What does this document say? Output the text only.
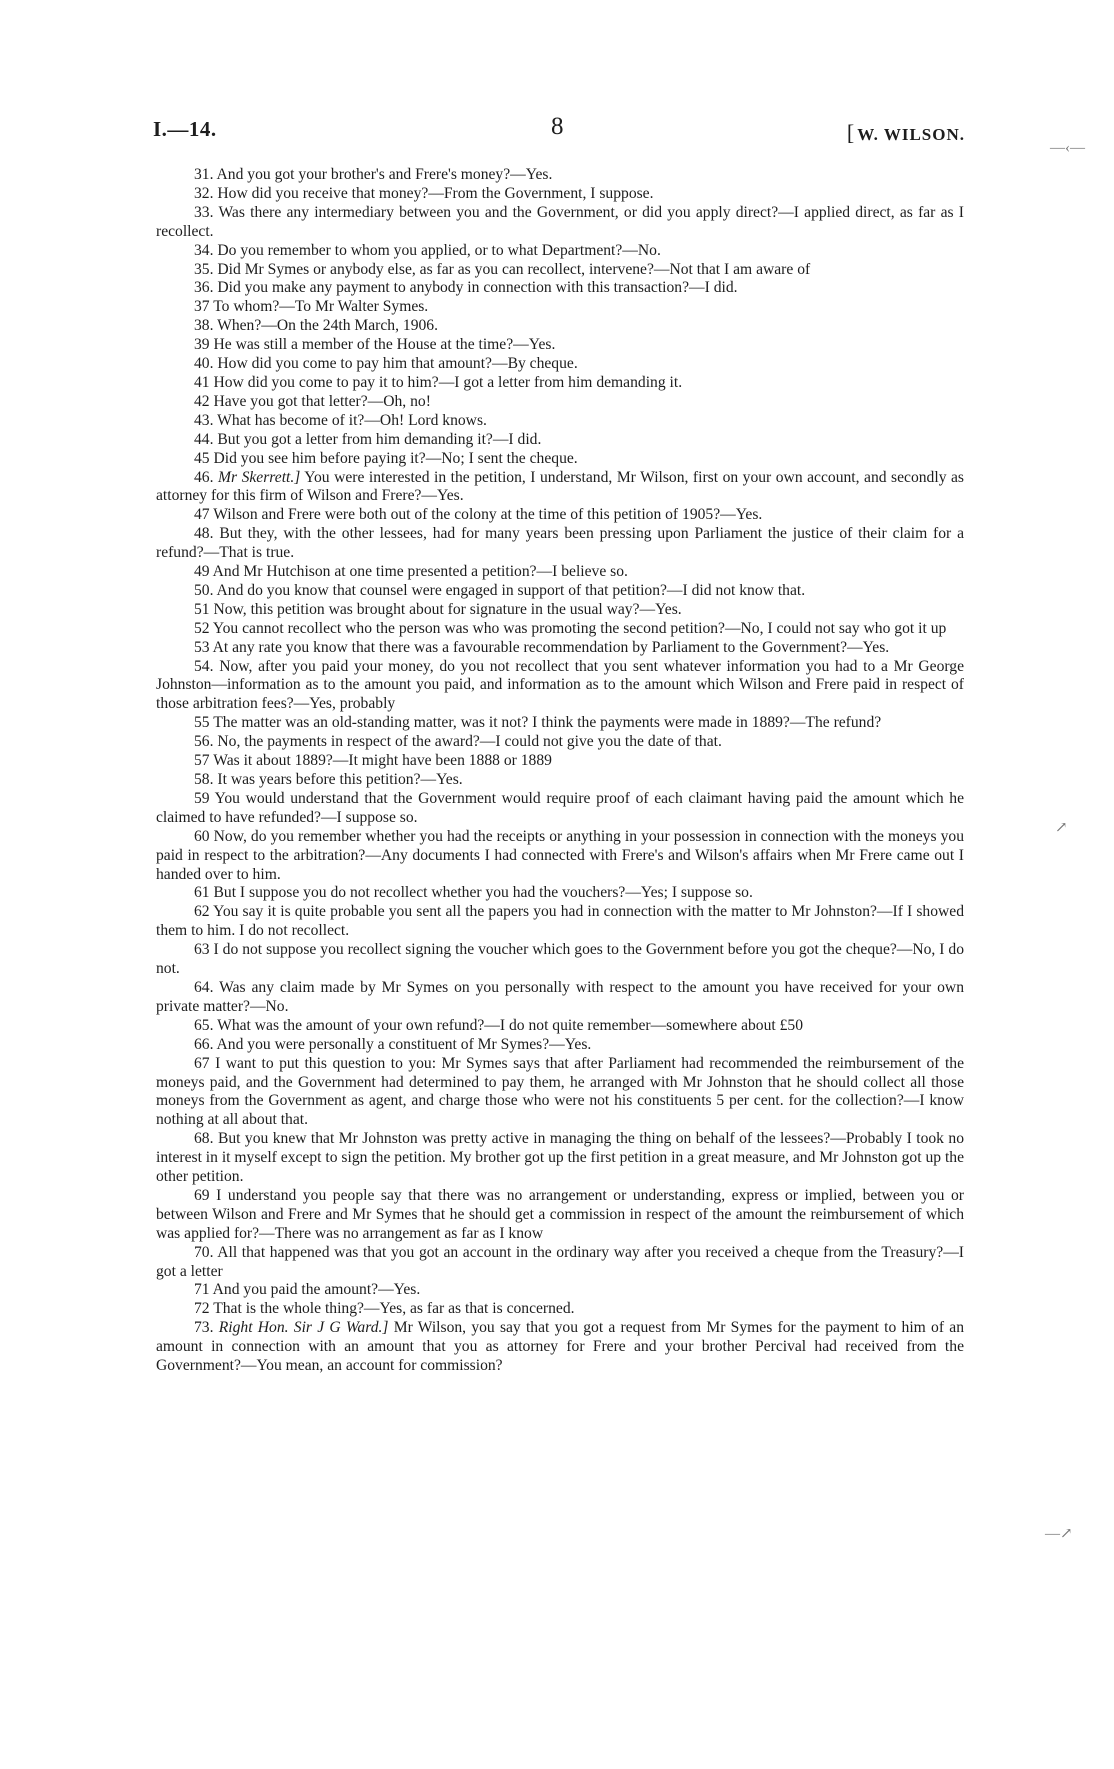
I.—14.	8	[ W. WILSON.

31. And you got your brother's and Frere's money?—Yes.

32. How did you receive that money?—From the Government, I suppose.

33. Was there any intermediary between you and the Government, or did you apply direct?—I applied direct, as far as I recollect.

34. Do you remember to whom you applied, or to what Department?—No.

35. Did Mr Symes or anybody else, as far as you can recollect, intervene?—Not that I am aware of

36. Did you make any payment to anybody in connection with this transaction?—I did.

37 To whom?—To Mr Walter Symes.

38. When?—On the 24th March, 1906.

39 He was still a member of the House at the time?—Yes.

40. How did you come to pay him that amount?—By cheque.

41 How did you come to pay it to him?—I got a letter from him demanding it.

42 Have you got that letter?—Oh, no!

43. What has become of it?—Oh! Lord knows.

44. But you got a letter from him demanding it?—I did.

45 Did you see him before paying it?—No; I sent the cheque.

46. Mr Skerrett.] You were interested in the petition, I understand, Mr Wilson, first on your own account, and secondly as attorney for this firm of Wilson and Frere?—Yes.

47 Wilson and Frere were both out of the colony at the time of this petition of 1905?—Yes.

48. But they, with the other lessees, had for many years been pressing upon Parliament the justice of their claim for a refund?—That is true.

49 And Mr Hutchison at one time presented a petition?—I believe so.

50. And do you know that counsel were engaged in support of that petition?—I did not know that.

51 Now, this petition was brought about for signature in the usual way?—Yes.

52 You cannot recollect who the person was who was promoting the second petition?—No, I could not say who got it up

53 At any rate you know that there was a favourable recommendation by Parliament to the Government?—Yes.

54. Now, after you paid your money, do you not recollect that you sent whatever information you had to a Mr George Johnston—information as to the amount you paid, and information as to the amount which Wilson and Frere paid in respect of those arbitration fees?—Yes, probably

55 The matter was an old-standing matter, was it not? I think the payments were made in 1889?—The refund?

56. No, the payments in respect of the award?—I could not give you the date of that.

57 Was it about 1889?—It might have been 1888 or 1889

58. It was years before this petition?—Yes.

59 You would understand that the Government would require proof of each claimant having paid the amount which he claimed to have refunded?—I suppose so.

60 Now, do you remember whether you had the receipts or anything in your possession in connection with the moneys you paid in respect to the arbitration?—Any documents I had connected with Frere's and Wilson's affairs when Mr Frere came out I handed over to him.

61 But I suppose you do not recollect whether you had the vouchers?—Yes; I suppose so.

62 You say it is quite probable you sent all the papers you had in connection with the matter to Mr Johnston?—If I showed them to him. I do not recollect.

63 I do not suppose you recollect signing the voucher which goes to the Government before you got the cheque?—No, I do not.

64. Was any claim made by Mr Symes on you personally with respect to the amount you have received for your own private matter?—No.

65. What was the amount of your own refund?—I do not quite remember—somewhere about £50

66. And you were personally a constituent of Mr Symes?—Yes.

67 I want to put this question to you: Mr Symes says that after Parliament had recommended the reimbursement of the moneys paid, and the Government had determined to pay them, he arranged with Mr Johnston that he should collect all those moneys from the Government as agent, and charge those who were not his constituents 5 per cent. for the collection?—I know nothing at all about that.

68. But you knew that Mr Johnston was pretty active in managing the thing on behalf of the lessees?—Probably I took no interest in it myself except to sign the petition. My brother got up the first petition in a great measure, and Mr Johnston got up the other petition.

69 I understand you people say that there was no arrangement or understanding, express or implied, between you or between Wilson and Frere and Mr Symes that he should get a commission in respect of the amount the reimbursement of which was applied for?—There was no arrangement as far as I know

70. All that happened was that you got an account in the ordinary way after you received a cheque from the Treasury?—I got a letter

71 And you paid the amount?—Yes.

72 That is the whole thing?—Yes, as far as that is concerned.

73. Right Hon. Sir J G Ward.] Mr Wilson, you say that you got a request from Mr Symes for the payment to him of an amount in connection with an amount that you as attorney for Frere and your brother Percival had received from the Government?—You mean, an account for commission?

—‹—
↗
—↗
